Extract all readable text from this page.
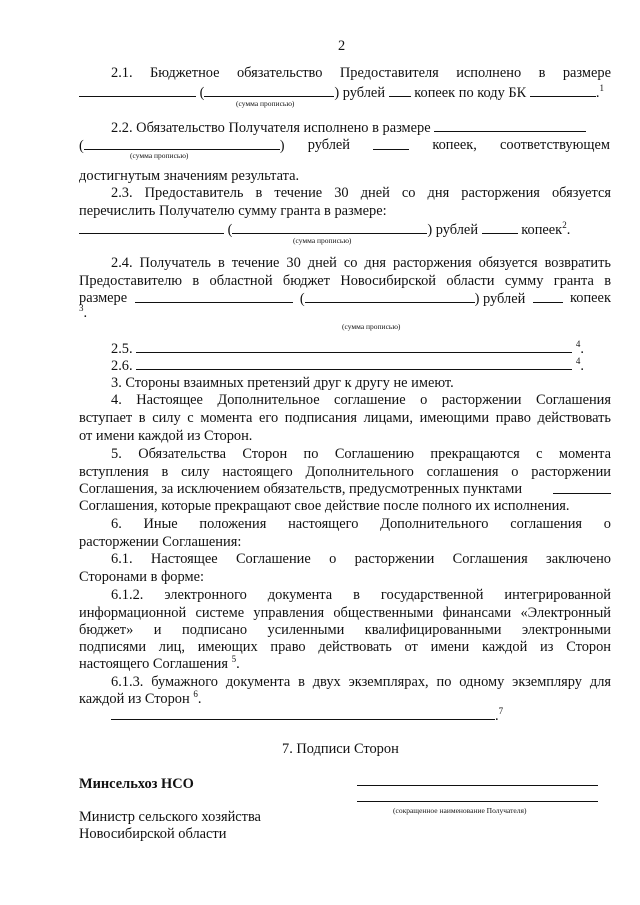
2
2.1. Бюджетное обязательство Предоставителя исполнено в размере
(	) рублей копеек по коду БК	.$^1$
(сумма прописью)
2.2. Обязательство Получателя исполнено в размере
(	) рублей	копеек, соответствующем
(сумма прописью)
достигнутым значениям результата.
2.3. Предоставитель в течение 30 дней со дня расторжения обязуется
перечислить Получателю сумму гранта в размере:
(	) рублей	копеек$^2$.
(сумма прописью)
2.4. Получатель в течение 30 дней со дня расторжения обязуется возвратить
Предоставителю в областной бюджет Новосибирской области сумму гранта в
размере	(	) рублей	копеек
$^3$.
(сумма прописью)
2.5.	$^4$.
2.6.	$^4$.
3. Стороны взаимных претензий друг к другу не имеют.
4. Настоящее Дополнительное соглашение о расторжении Соглашения
вступает в силу с момента его подписания лицами, имеющими право действовать
от имени каждой из Сторон.
5. Обязательства Сторон по Соглашению прекращаются с момента
вступления в силу настоящего Дополнительного соглашения о расторжении
Соглашения, за исключением обязательств, предусмотренных пунктами
Соглашения, которые прекращают свое действие после полного их исполнения.
6. Иные положения настоящего Дополнительного соглашения о
расторжении Соглашения:
6.1. Настоящее Соглашение о расторжении Соглашения заключено
Сторонами в форме:
6.1.2. электронного документа в государственной интегрированной
информационной системе управления общественными финансами «Электронный
бюджет» и подписано усиленными квалифицированными электронными
подписями лиц, имеющих право действовать от имени каждой из Сторон
настоящего Соглашения $^5$.
6.1.3. бумажного документа в двух экземплярах, по одному экземпляру для
каждой из Сторон $^6$.
.$^7$
7. Подписи Сторон
Минсельхоз НСО
Министр сельского хозяйства
Новосибирской области
(сокращенное наименование Получателя)
